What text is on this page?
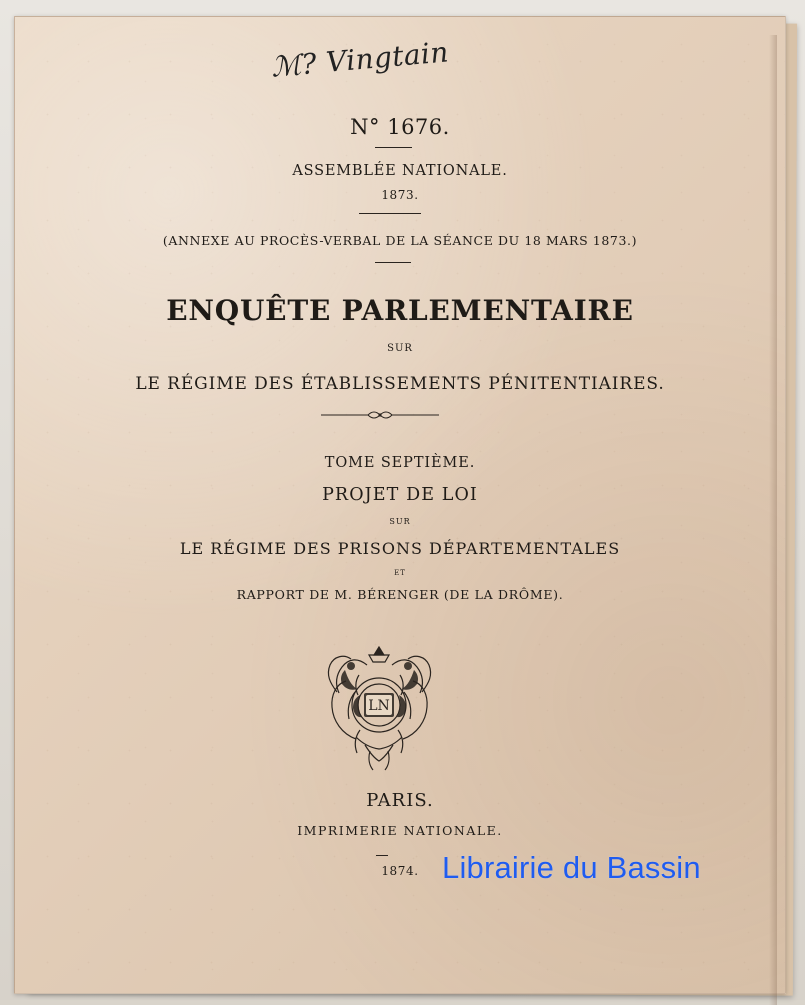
ℳ? Vingtain
N° 1676.
ASSEMBLÉE NATIONALE.
1873.
(ANNEXE AU PROCÈS-VERBAL DE LA SÉANCE DU 18 MARS 1873.)
ENQUÊTE PARLEMENTAIRE
SUR
LE RÉGIME DES ÉTABLISSEMENTS PÉNITENTIAIRES.
TOME SEPTIÈME.
PROJET DE LOI
SUR
LE RÉGIME DES PRISONS DÉPARTEMENTALES
ET
RAPPORT DE M. BÉRENGER (DE LA DRÔME).
LN
PARIS.
IMPRIMERIE NATIONALE.
1874. Librairie du Bassin
